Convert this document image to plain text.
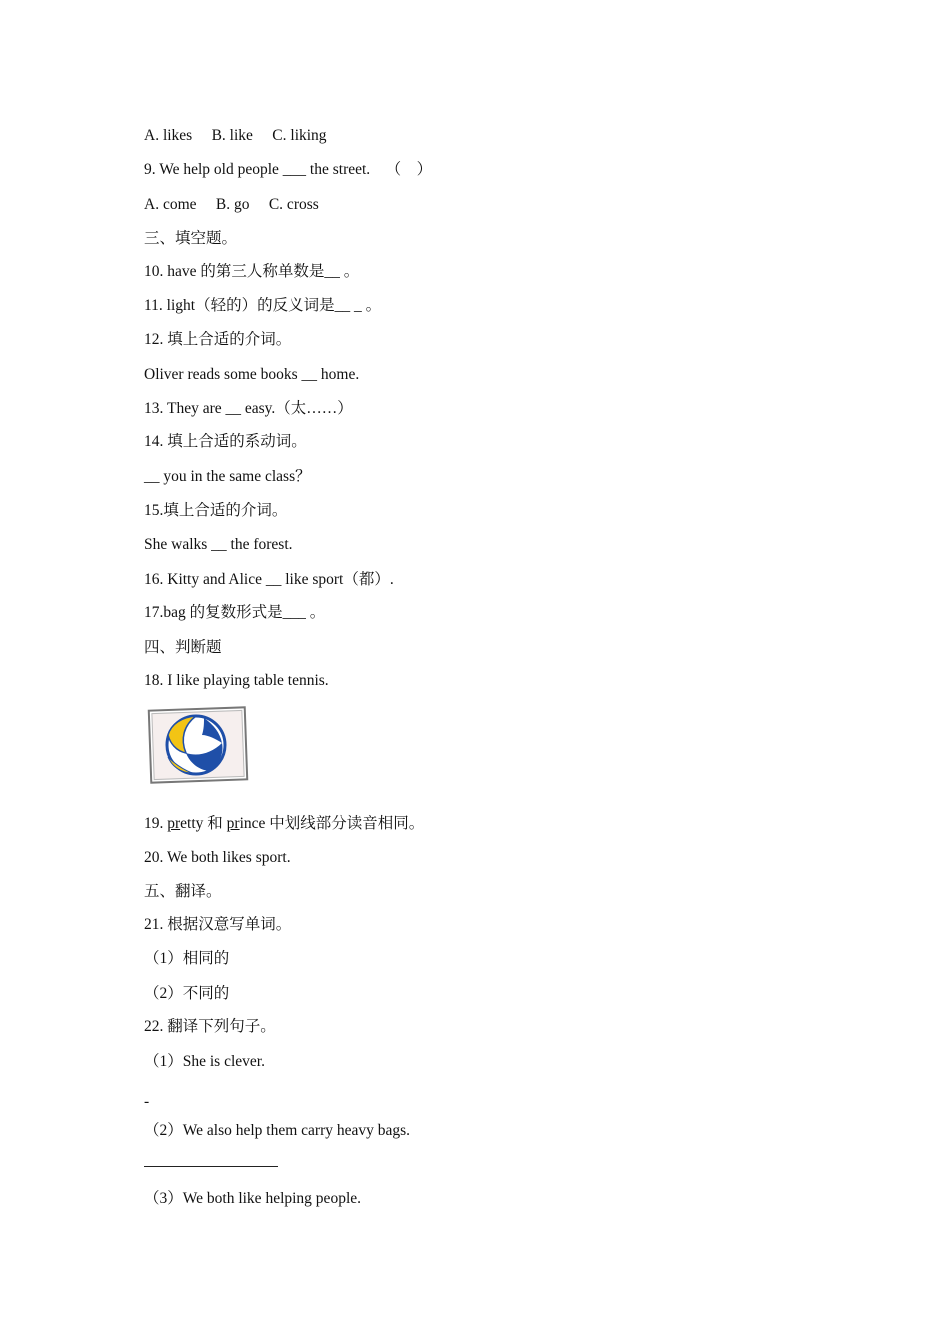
A. likes     B. like     C. liking
9. We help old people ___ the street.    （    ）
A. come     B. go     C. cross
三、填空题。
10. have 的第三人称单数是__ 。
11. light（轻的）的反义词是__ _ 。
12. 填上合适的介词。
Oliver reads some books __ home.
13. They are __ easy.（太……）
14. 填上合适的系动词。
__ you in the same class？
15.填上合适的介词。
She walks __ the forest.
16. Kitty and Alice __ like sport（都）.
17.bag 的复数形式是___ 。
四、判断题
18. I like playing table tennis.
19. pretty 和 prince 中划线部分读音相同。
20. We both likes sport.
五、翻译。
21. 根据汉意写单词。
（1）相同的
（2）不同的
22. 翻译下列句子。
（1）She is clever.
-
（2）We also help them carry heavy bags.
（3）We both like helping people.
